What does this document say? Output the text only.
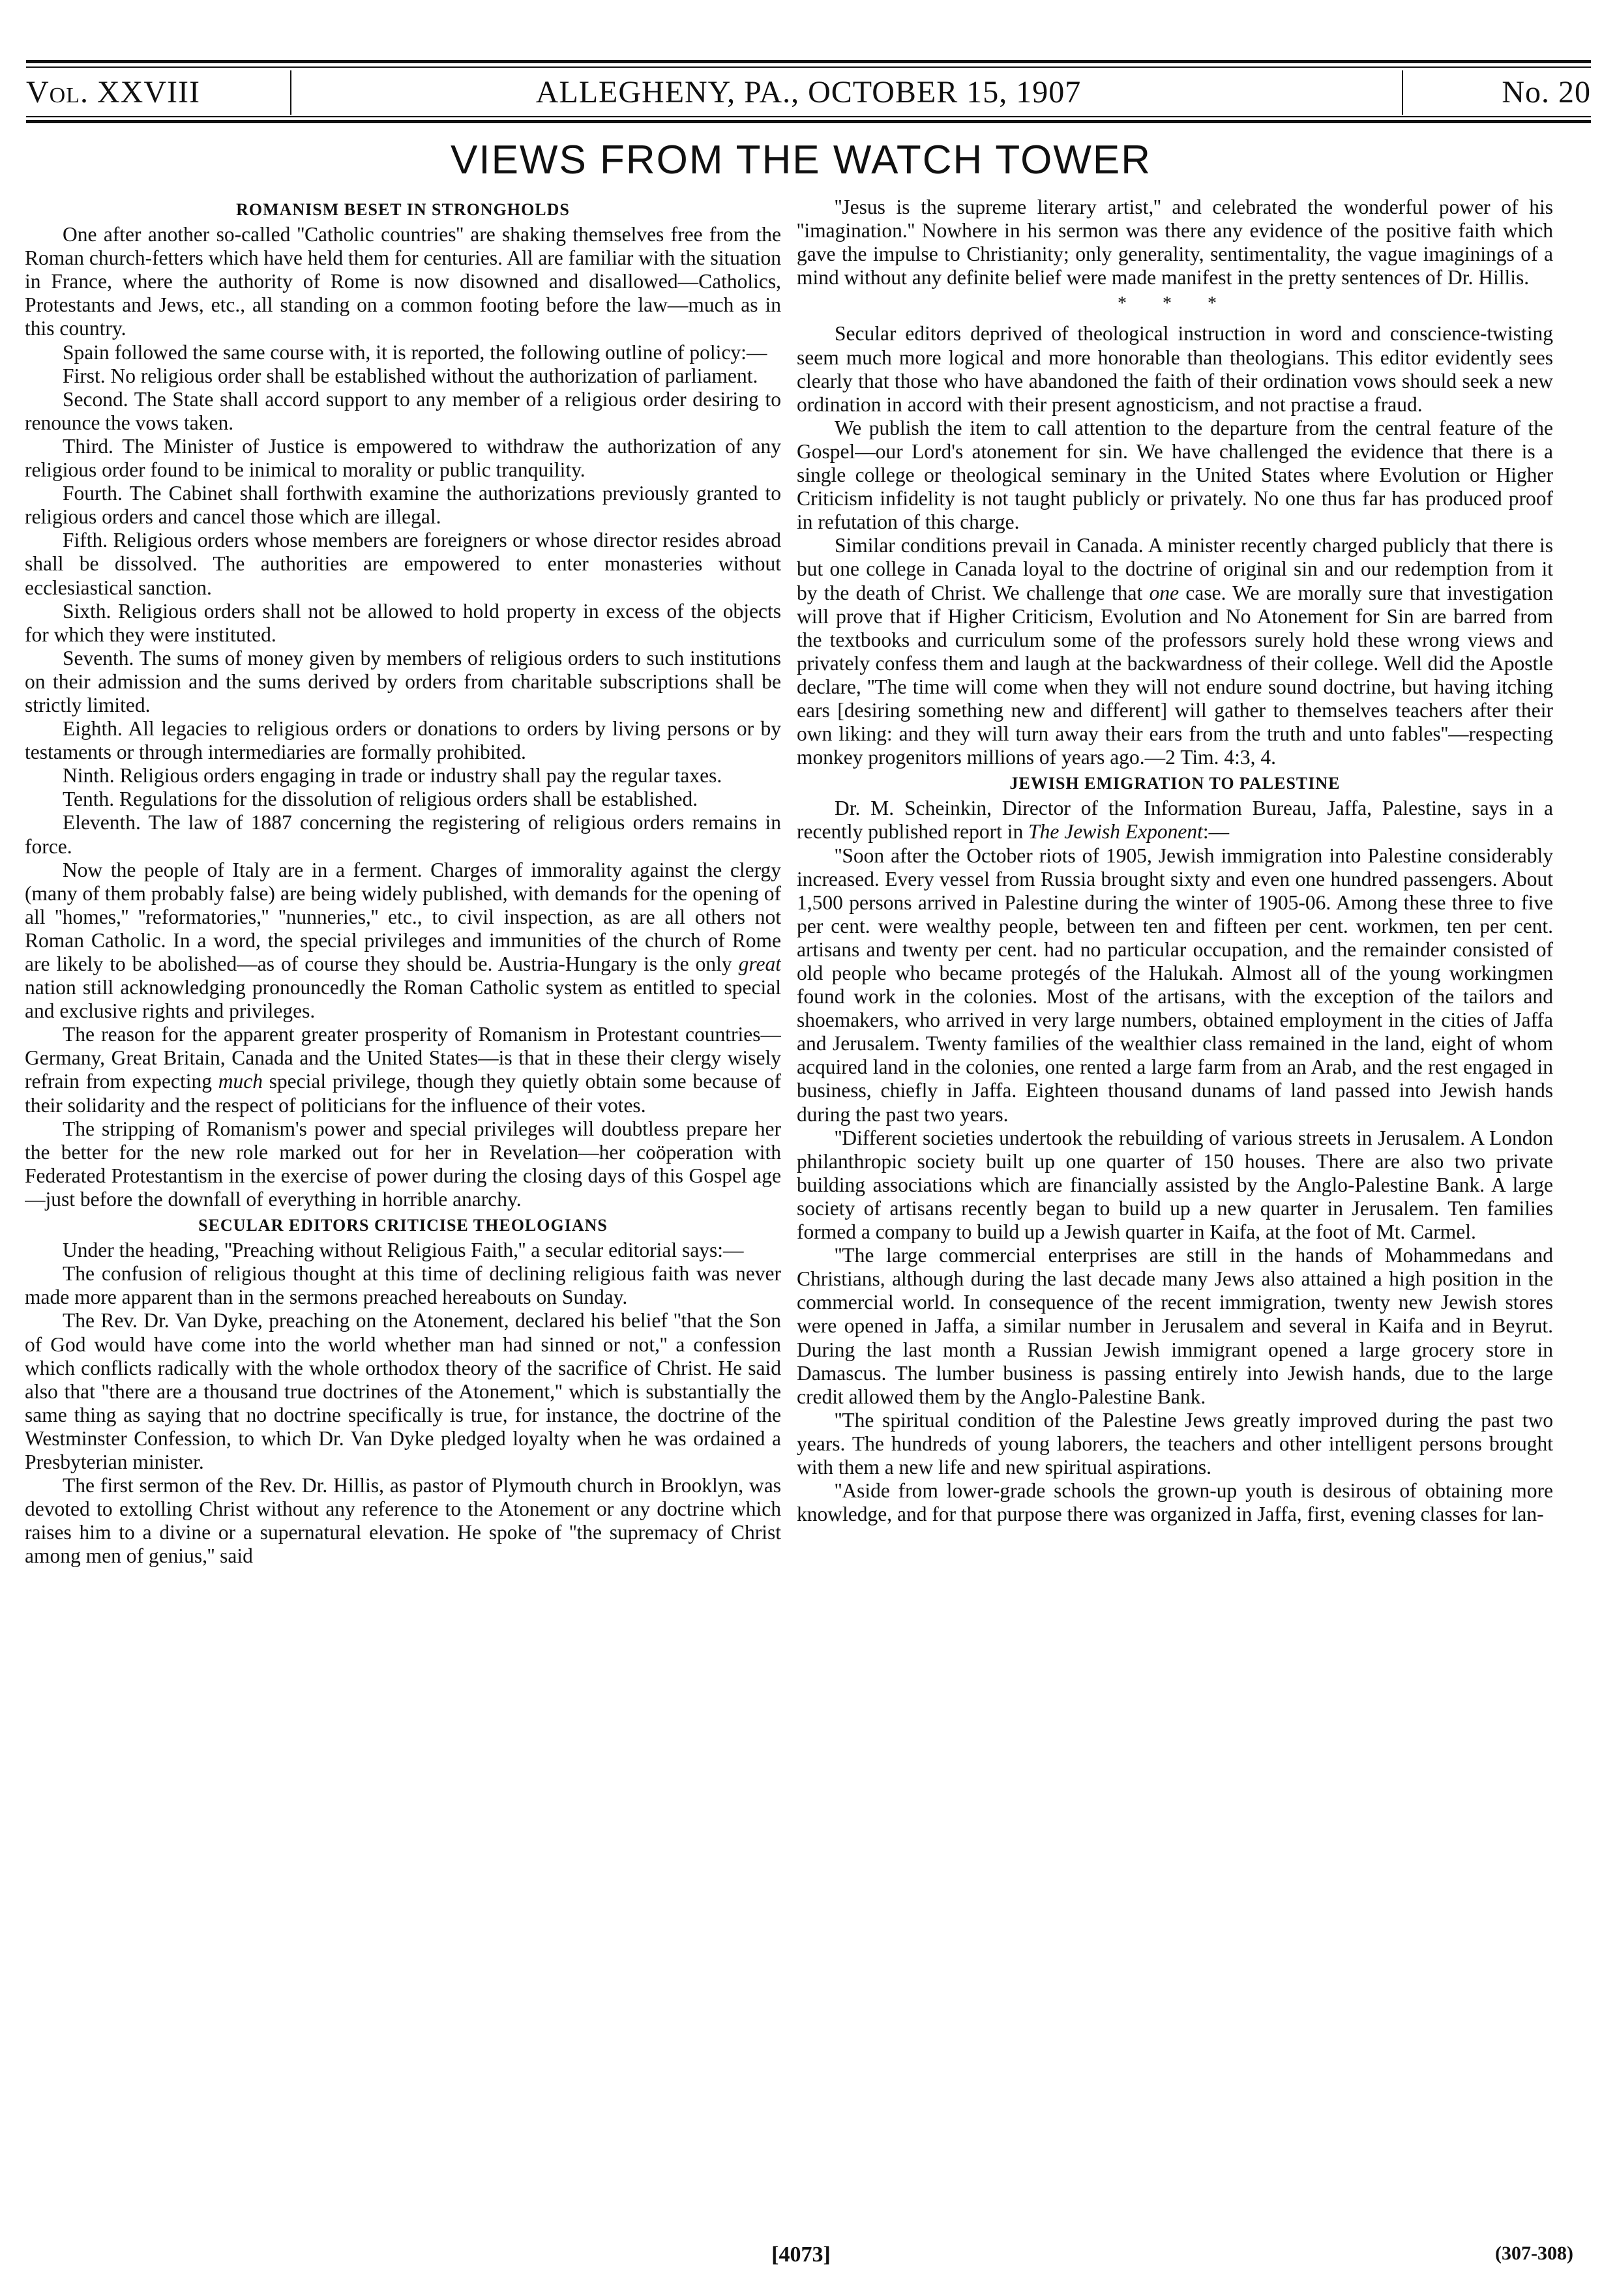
Vol. XXVIII	ALLEGHENY, PA., OCTOBER 15, 1907	No. 20
VIEWS FROM THE WATCH TOWER
ROMANISM BESET IN STRONGHOLDS

One after another so-called ''Catholic countries'' are shaking themselves free from the Roman church-fetters which have held them for centuries. All are familiar with the situation in France, where the authority of Rome is now disowned and disallowed—Catholics, Protestants and Jews, etc., all standing on a common footing before the law—much as in this country.

Spain followed the same course with, it is reported, the following outline of policy:—

First. No religious order shall be established without the authorization of parliament.

Second. The State shall accord support to any member of a religious order desiring to renounce the vows taken.

Third. The Minister of Justice is empowered to withdraw the authorization of any religious order found to be inimical to morality or public tranquility.

Fourth. The Cabinet shall forthwith examine the authorizations previously granted to religious orders and cancel those which are illegal.

Fifth. Religious orders whose members are foreigners or whose director resides abroad shall be dissolved. The authorities are empowered to enter monasteries without ecclesiastical sanction.

Sixth. Religious orders shall not be allowed to hold property in excess of the objects for which they were instituted.

Seventh. The sums of money given by members of religious orders to such institutions on their admission and the sums derived by orders from charitable subscriptions shall be strictly limited.

Eighth. All legacies to religious orders or donations to orders by living persons or by testaments or through intermediaries are formally prohibited.

Ninth. Religious orders engaging in trade or industry shall pay the regular taxes.

Tenth. Regulations for the dissolution of religious orders shall be established.

Eleventh. The law of 1887 concerning the registering of religious orders remains in force.

Now the people of Italy are in a ferment. Charges of immorality against the clergy (many of them probably false) are being widely published, with demands for the opening of all ''homes,'' ''reformatories,'' ''nunneries,'' etc., to civil inspection, as are all others not Roman Catholic. In a word, the special privileges and immunities of the church of Rome are likely to be abolished—as of course they should be. Austria-Hungary is the only great nation still acknowledging pronouncedly the Roman Catholic system as entitled to special and exclusive rights and privileges.

The reason for the apparent greater prosperity of Romanism in Protestant countries—Germany, Great Britain, Canada and the United States—is that in these their clergy wisely refrain from expecting much special privilege, though they quietly obtain some because of their solidarity and the respect of politicians for the influence of their votes.

The stripping of Romanism's power and special privileges will doubtless prepare her the better for the new role marked out for her in Revelation—her coöperation with Federated Protestantism in the exercise of power during the closing days of this Gospel age—just before the downfall of everything in horrible anarchy.

SECULAR EDITORS CRITICISE THEOLOGIANS

Under the heading, ''Preaching without Religious Faith,'' a secular editorial says:—

The confusion of religious thought at this time of declining religious faith was never made more apparent than in the sermons preached hereabouts on Sunday.

The Rev. Dr. Van Dyke, preaching on the Atonement, declared his belief ''that the Son of God would have come into the world whether man had sinned or not,'' a confession which conflicts radically with the whole orthodox theory of the sacrifice of Christ. He said also that ''there are a thousand true doctrines of the Atonement,'' which is substantially the same thing as saying that no doctrine specifically is true, for instance, the doctrine of the Westminster Confession, to which Dr. Van Dyke pledged loyalty when he was ordained a Presbyterian minister.

The first sermon of the Rev. Dr. Hillis, as pastor of Plymouth church in Brooklyn, was devoted to extolling Christ without any reference to the Atonement or any doctrine which raises him to a divine or a supernatural elevation. He spoke of ''the supremacy of Christ among men of genius,'' said

''Jesus is the supreme literary artist,'' and celebrated the wonderful power of his ''imagination.'' Nowhere in his sermon was there any evidence of the positive faith which gave the impulse to Christianity; only generality, sentimentality, the vague imaginings of a mind without any definite belief were made manifest in the pretty sentences of Dr. Hillis.

* * *

Secular editors deprived of theological instruction in word and conscience-twisting seem much more logical and more honorable than theologians. This editor evidently sees clearly that those who have abandoned the faith of their ordination vows should seek a new ordination in accord with their present agnosticism, and not practise a fraud.

We publish the item to call attention to the departure from the central feature of the Gospel—our Lord's atonement for sin. We have challenged the evidence that there is a single college or theological seminary in the United States where Evolution or Higher Criticism infidelity is not taught publicly or privately. No one thus far has produced proof in refutation of this charge.

Similar conditions prevail in Canada. A minister recently charged publicly that there is but one college in Canada loyal to the doctrine of original sin and our redemption from it by the death of Christ. We challenge that one case. We are morally sure that investigation will prove that if Higher Criticism, Evolution and No Atonement for Sin are barred from the textbooks and curriculum some of the professors surely hold these wrong views and privately confess them and laugh at the backwardness of their college. Well did the Apostle declare, ''The time will come when they will not endure sound doctrine, but having itching ears [desiring something new and different] will gather to themselves teachers after their own liking: and they will turn away their ears from the truth and unto fables''—respecting monkey progenitors millions of years ago.—2 Tim. 4:3, 4.

JEWISH EMIGRATION TO PALESTINE

Dr. M. Scheinkin, Director of the Information Bureau, Jaffa, Palestine, says in a recently published report in The Jewish Exponent:—

''Soon after the October riots of 1905, Jewish immigration into Palestine considerably increased. Every vessel from Russia brought sixty and even one hundred passengers. About 1,500 persons arrived in Palestine during the winter of 1905-06. Among these three to five per cent. were wealthy people, between ten and fifteen per cent. workmen, ten per cent. artisans and twenty per cent. had no particular occupation, and the remainder consisted of old people who became protegés of the Halukah. Almost all of the young workingmen found work in the colonies. Most of the artisans, with the exception of the tailors and shoemakers, who arrived in very large numbers, obtained employment in the cities of Jaffa and Jerusalem. Twenty families of the wealthier class remained in the land, eight of whom acquired land in the colonies, one rented a large farm from an Arab, and the rest engaged in business, chiefly in Jaffa. Eighteen thousand dunams of land passed into Jewish hands during the past two years.

''Different societies undertook the rebuilding of various streets in Jerusalem. A London philanthropic society built up one quarter of 150 houses. There are also two private building associations which are financially assisted by the Anglo-Palestine Bank. A large society of artisans recently began to build up a new quarter in Jerusalem. Ten families formed a company to build up a Jewish quarter in Kaifa, at the foot of Mt. Carmel.

''The large commercial enterprises are still in the hands of Mohammedans and Christians, although during the last decade many Jews also attained a high position in the commercial world. In consequence of the recent immigration, twenty new Jewish stores were opened in Jaffa, a similar number in Jerusalem and several in Kaifa and in Beyrut. During the last month a Russian Jewish immigrant opened a large grocery store in Damascus. The lumber business is passing entirely into Jewish hands, due to the large credit allowed them by the Anglo-Palestine Bank.

''The spiritual condition of the Palestine Jews greatly improved during the past two years. The hundreds of young laborers, the teachers and other intelligent persons brought with them a new life and new spiritual aspirations.

''Aside from lower-grade schools the grown-up youth is desirous of obtaining more knowledge, and for that purpose there was organized in Jaffa, first, evening classes for lan-

[4073]	(307-308)
